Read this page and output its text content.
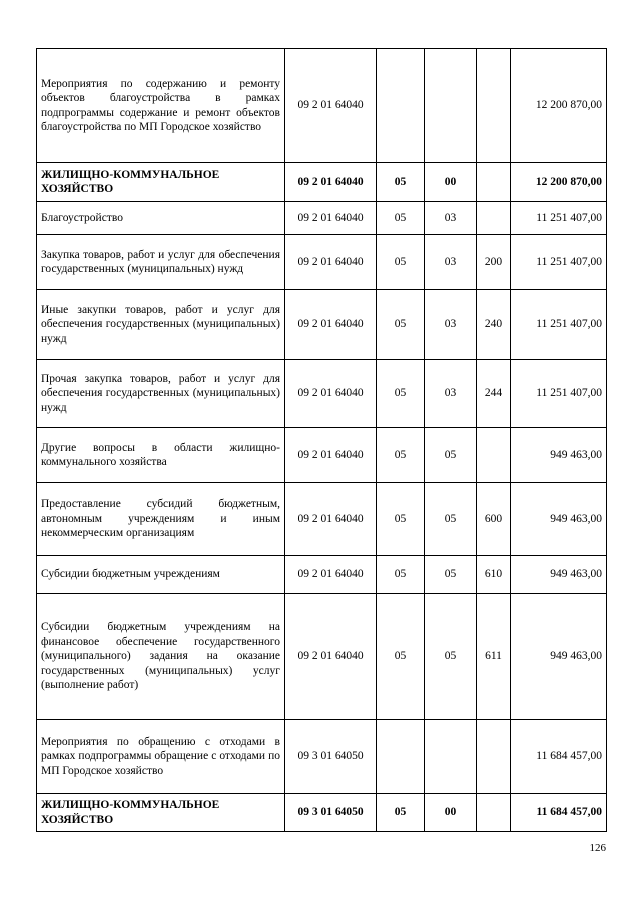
Мероприятия по содержанию и ремонту объектов благоустройства в рамках подпрограммы содержание и ремонт объектов благоустройства по МП Городское хозяйство	09 2 01 64040				12 200 870,00
ЖИЛИЩНО-КОММУНАЛЬНОЕ ХОЗЯЙСТВО	09 2 01 64040	05	00		12 200 870,00
Благоустройство	09 2 01 64040	05	03		11 251 407,00
Закупка товаров, работ и услуг для обеспечения государственных (муниципальных) нужд	09 2 01 64040	05	03	200	11 251 407,00
Иные закупки товаров, работ и услуг для обеспечения государственных (муниципальных) нужд	09 2 01 64040	05	03	240	11 251 407,00
Прочая закупка товаров, работ и услуг для обеспечения государственных (муниципальных) нужд	09 2 01 64040	05	03	244	11 251 407,00
Другие вопросы в области жилищно-коммунального хозяйства	09 2 01 64040	05	05		949 463,00
Предоставление субсидий бюджетным, автономным учреждениям и иным некоммерческим организациям	09 2 01 64040	05	05	600	949 463,00
Субсидии бюджетным учреждениям	09 2 01 64040	05	05	610	949 463,00
Субсидии бюджетным учреждениям на финансовое обеспечение государственного (муниципального) задания на оказание государственных (муниципальных) услуг (выполнение работ)	09 2 01 64040	05	05	611	949 463,00
Мероприятия по обращению с отходами в рамках подпрограммы обращение с отходами по МП Городское хозяйство	09 3 01 64050				11 684 457,00
ЖИЛИЩНО-КОММУНАЛЬНОЕ ХОЗЯЙСТВО	09 3 01 64050	05	00		11 684 457,00
126
